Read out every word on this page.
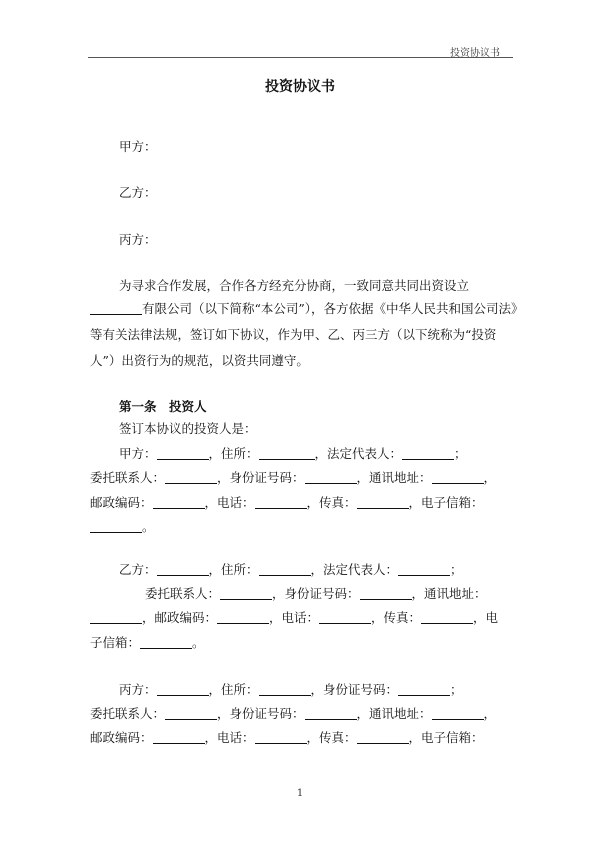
投资协议书
投资协议书
甲方：
乙方：
丙方：
为寻求合作发展，合作各方经充分协商，一致同意共同出资设立
有限公司（以下简称“本公司”），各方依据《中华人民共和国公司法》等有关法律法规，签订如下协议，作为甲、乙、丙三方（以下统称为“投资人”）出资行为的规范，以资共同遵守。
第一条　投资人
签订本协议的投资人是：
甲方：	，住所：	，法定代表人：	；
委托联系人：	，身份证号码：	，通讯地址：	，
邮政编码：	，电话：	，传真：	，电子信箱：
。
乙方：	，住所：	，法定代表人：	；
委托联系人：	，身份证号码：	，通讯地址：
，邮政编码：	，电话：	，传真：	，电
子信箱：	。
丙方：	，住所：	，身份证号码：	；
委托联系人：	，身份证号码：	，通讯地址：	，
邮政编码：	，电话：	，传真：	，电子信箱：
1
